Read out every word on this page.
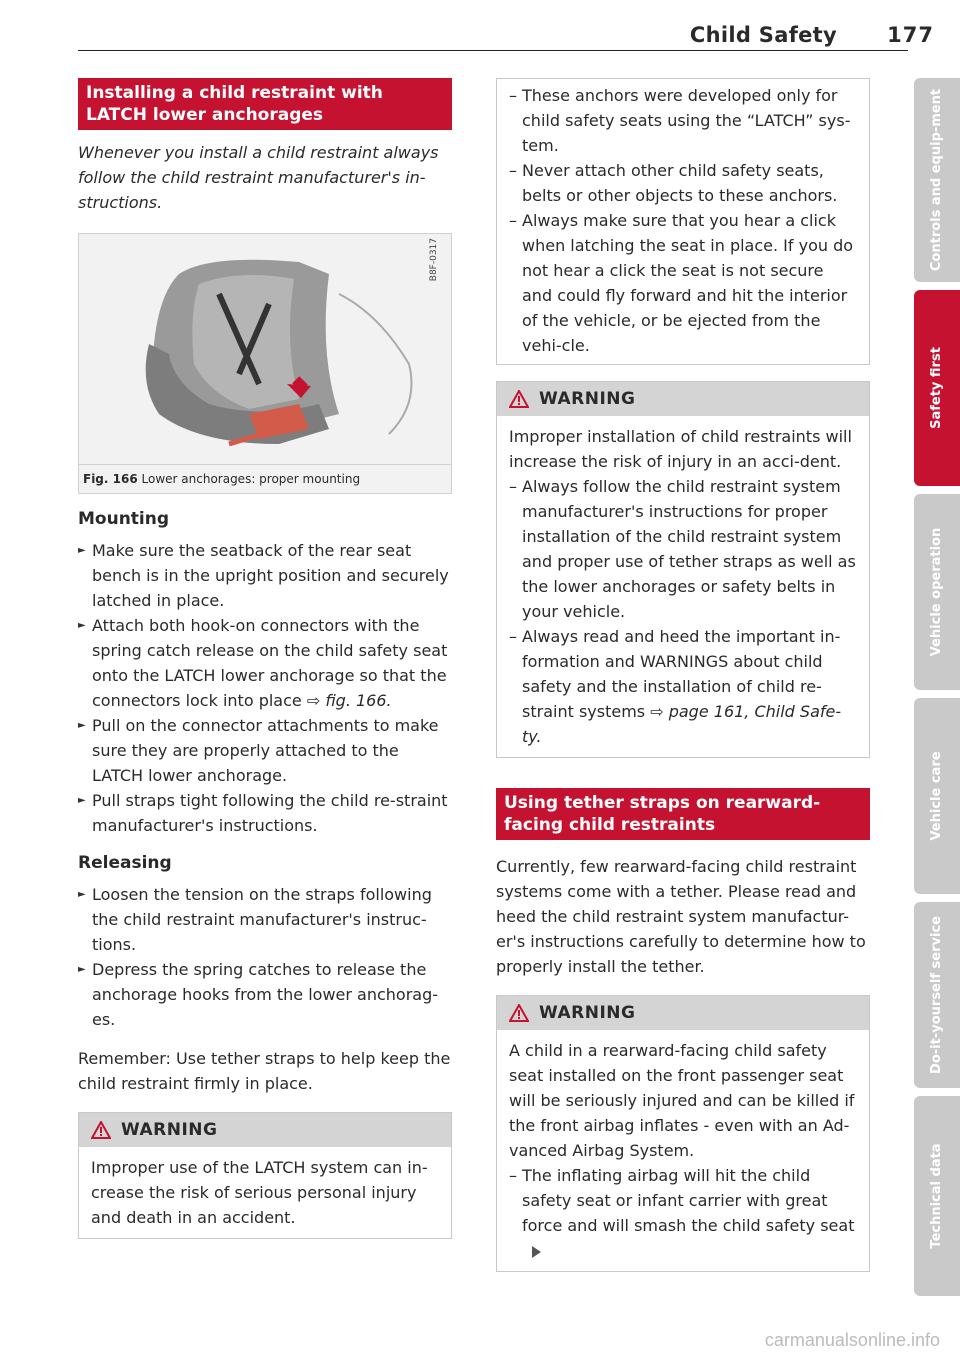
Child Safety 177
Installing a child restraint with LATCH lower anchorages

Whenever you install a child restraint always follow the child restraint manufacturer's in-structions.

B8F-0317
Fig. 166 Lower anchorages: proper mounting
Mounting
► Make sure the seatback of the rear seat bench is in the upright position and securely latched in place.
► Attach both hook-on connectors with the spring catch release on the child safety seat onto the LATCH lower anchorage so that the connectors lock into place ⇨ fig. 166.
► Pull on the connector attachments to make sure they are properly attached to the LATCH lower anchorage.
► Pull straps tight following the child re-straint manufacturer's instructions.
Releasing
► Loosen the tension on the straps following the child restraint manufacturer's instruc-tions.
► Depress the spring catches to release the anchorage hooks from the lower anchorag-es.

Remember: Use tether straps to help keep the child restraint firmly in place.

WARNING
Improper use of the LATCH system can in-crease the risk of serious personal injury and death in an accident.
– These anchors were developed only for child safety seats using the “LATCH” sys-tem.
– Never attach other child safety seats, belts or other objects to these anchors.
– Always make sure that you hear a click when latching the seat in place. If you do not hear a click the seat is not secure and could fly forward and hit the interior of the vehicle, or be ejected from the vehi-cle.
WARNING

Improper installation of child restraints will increase the risk of injury in an acci-dent.

– Always follow the child restraint system manufacturer's instructions for proper installation of the child restraint system and proper use of tether straps as well as the lower anchorages or safety belts in your vehicle.
– Always read and heed the important in-formation and WARNINGS about child safety and the installation of child re-straint systems ⇨ page 161, Child Safe-ty.
Using tether straps on rearward-facing child restraints

Currently, few rearward-facing child restraint systems come with a tether. Please read and heed the child restraint system manufactur-er's instructions carefully to determine how to properly install the tether.

WARNING

A child in a rearward-facing child safety seat installed on the front passenger seat will be seriously injured and can be killed if the front airbag inflates - even with an Ad-vanced Airbag System.

– The inflating airbag will hit the child safety seat or infant carrier with great force and will smash the child safety seat
Controls and equip-ment
Safety first
Vehicle operation
Vehicle care
Do-it-yourself service
Technical data
carmanualsonline.info
